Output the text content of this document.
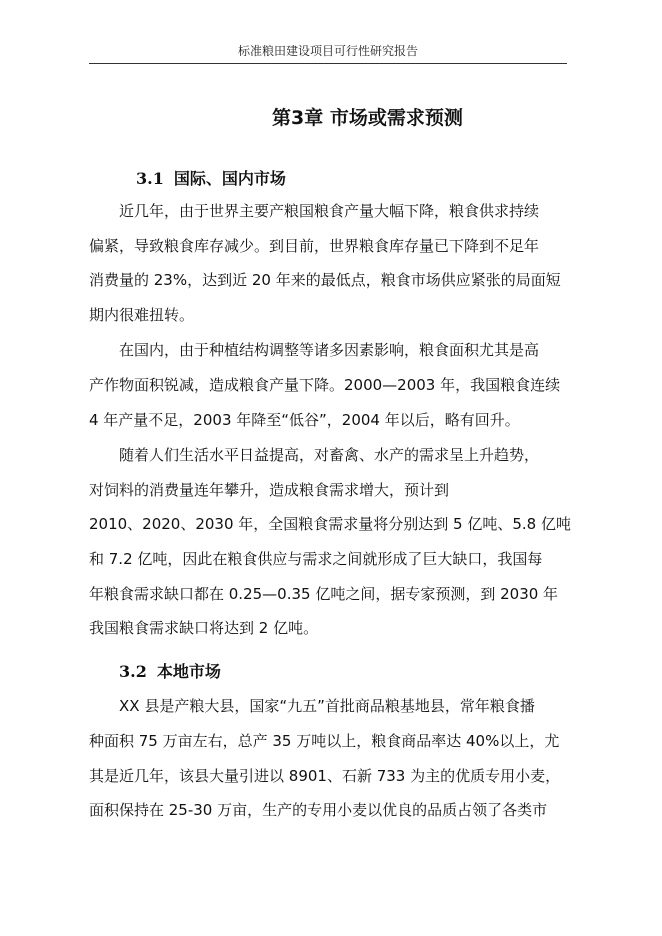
标准粮田建设项目可行性研究报告
第3章 市场或需求预测
3.1 国际、国内市场
近几年，由于世界主要产粮国粮食产量大幅下降，粮食供求持续
偏紧，导致粮食库存减少。到目前，世界粮食库存量已下降到不足年
消费量的 23%，达到近 20 年来的最低点，粮食市场供应紧张的局面短
期内很难扭转。
在国内，由于种植结构调整等诸多因素影响，粮食面积尤其是高
产作物面积锐减，造成粮食产量下降。2000—2003 年，我国粮食连续
4 年产量不足，2003 年降至“低谷”，2004 年以后，略有回升。
随着人们生活水平日益提高，对畜禽、水产的需求呈上升趋势，
对饲料的消费量连年攀升，造成粮食需求增大，预计到
2010、2020、2030 年，全国粮食需求量将分别达到 5 亿吨、5.8 亿吨
和 7.2 亿吨，因此在粮食供应与需求之间就形成了巨大缺口，我国每
年粮食需求缺口都在 0.25—0.35 亿吨之间，据专家预测，到 2030 年
我国粮食需求缺口将达到 2 亿吨。
3.2 本地市场
XX 县是产粮大县，国家“九五”首批商品粮基地县，常年粮食播
种面积 75 万亩左右，总产 35 万吨以上，粮食商品率达 40%以上，尤
其是近几年，该县大量引进以 8901、石新 733 为主的优质专用小麦，
面积保持在 25-30 万亩，生产的专用小麦以优良的品质占领了各类市
